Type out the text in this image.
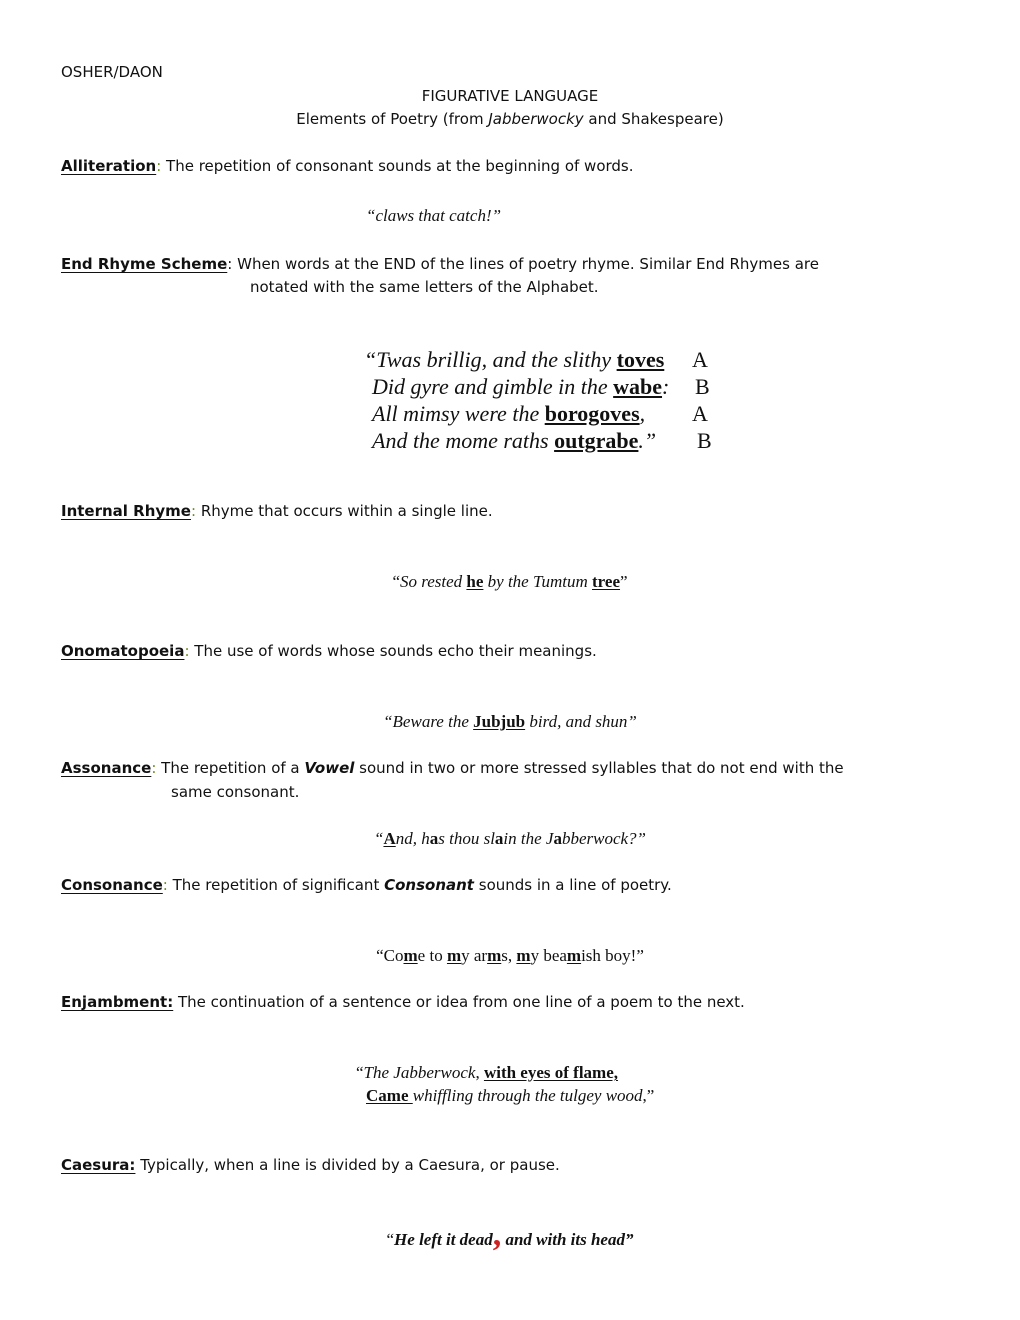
OSHER/DAON
FIGURATIVE LANGUAGE
Elements of Poetry (from Jabberwocky and Shakespeare)
Alliteration: The repetition of consonant sounds at the beginning of words.
“claws that catch!”
End Rhyme Scheme: When words at the END of the lines of poetry rhyme. Similar End Rhymes are
notated with the same letters of the Alphabet.
“Twas brillig, and the slithy toves A
Did gyre and gimble in the wabe: B
All mimsy were the borogoves, A
And the mome raths outgrabe.” B
Internal Rhyme: Rhyme that occurs within a single line.
“So rested he by the Tumtum tree”
Onomatopoeia: The use of words whose sounds echo their meanings.
“Beware the Jubjub bird, and shun”
Assonance: The repetition of a Vowel sound in two or more stressed syllables that do not end with the
same consonant.
“And, has thou slain the Jabberwock?”
Consonance: The repetition of significant Consonant sounds in a line of poetry.
“Come to my arms, my beamish boy!”
Enjambment: The continuation of a sentence or idea from one line of a poem to the next.
“The Jabberwock, with eyes of flame,
Came whiffling through the tulgey wood,”
Caesura: Typically, when a line is divided by a Caesura, or pause.
“He left it dead, and with its head”
